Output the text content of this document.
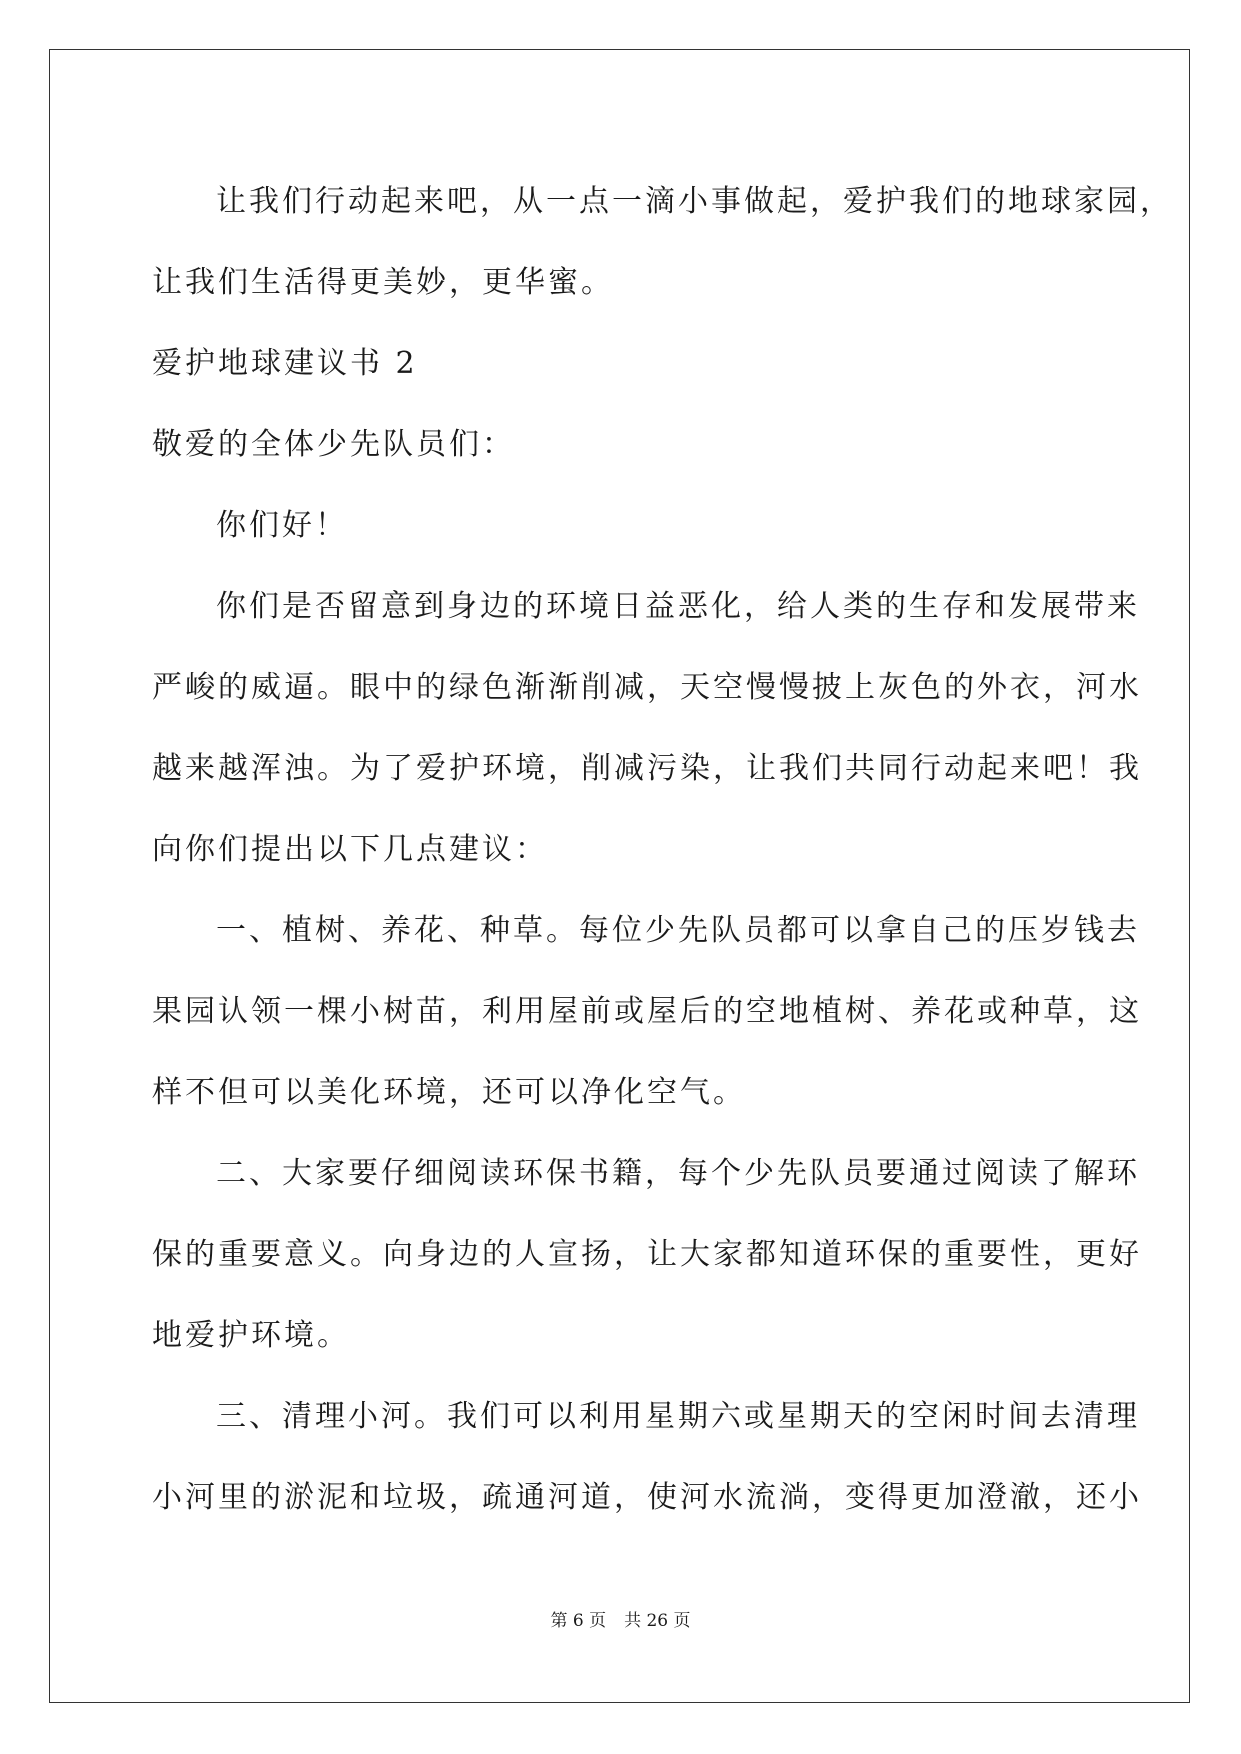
让我们行动起来吧，从一点一滴小事做起，爱护我们的地球家园，

让我们生活得更美妙，更华蜜。

爱护地球建议书 2

敬爱的全体少先队员们：

你们好！

你们是否留意到身边的环境日益恶化，给人类的生存和发展带来

严峻的威逼。眼中的绿色渐渐削减，天空慢慢披上灰色的外衣，河水

越来越浑浊。为了爱护环境，削减污染，让我们共同行动起来吧！我

向你们提出以下几点建议：

一、植树、养花、种草。每位少先队员都可以拿自己的压岁钱去

果园认领一棵小树苗，利用屋前或屋后的空地植树、养花或种草，这

样不但可以美化环境，还可以净化空气。

二、大家要仔细阅读环保书籍，每个少先队员要通过阅读了解环

保的重要意义。向身边的人宣扬，让大家都知道环保的重要性，更好

地爱护环境。

三、清理小河。我们可以利用星期六或星期天的空闲时间去清理

小河里的淤泥和垃圾，疏通河道，使河水流淌，变得更加澄澈，还小

第 6 页 共 26 页
